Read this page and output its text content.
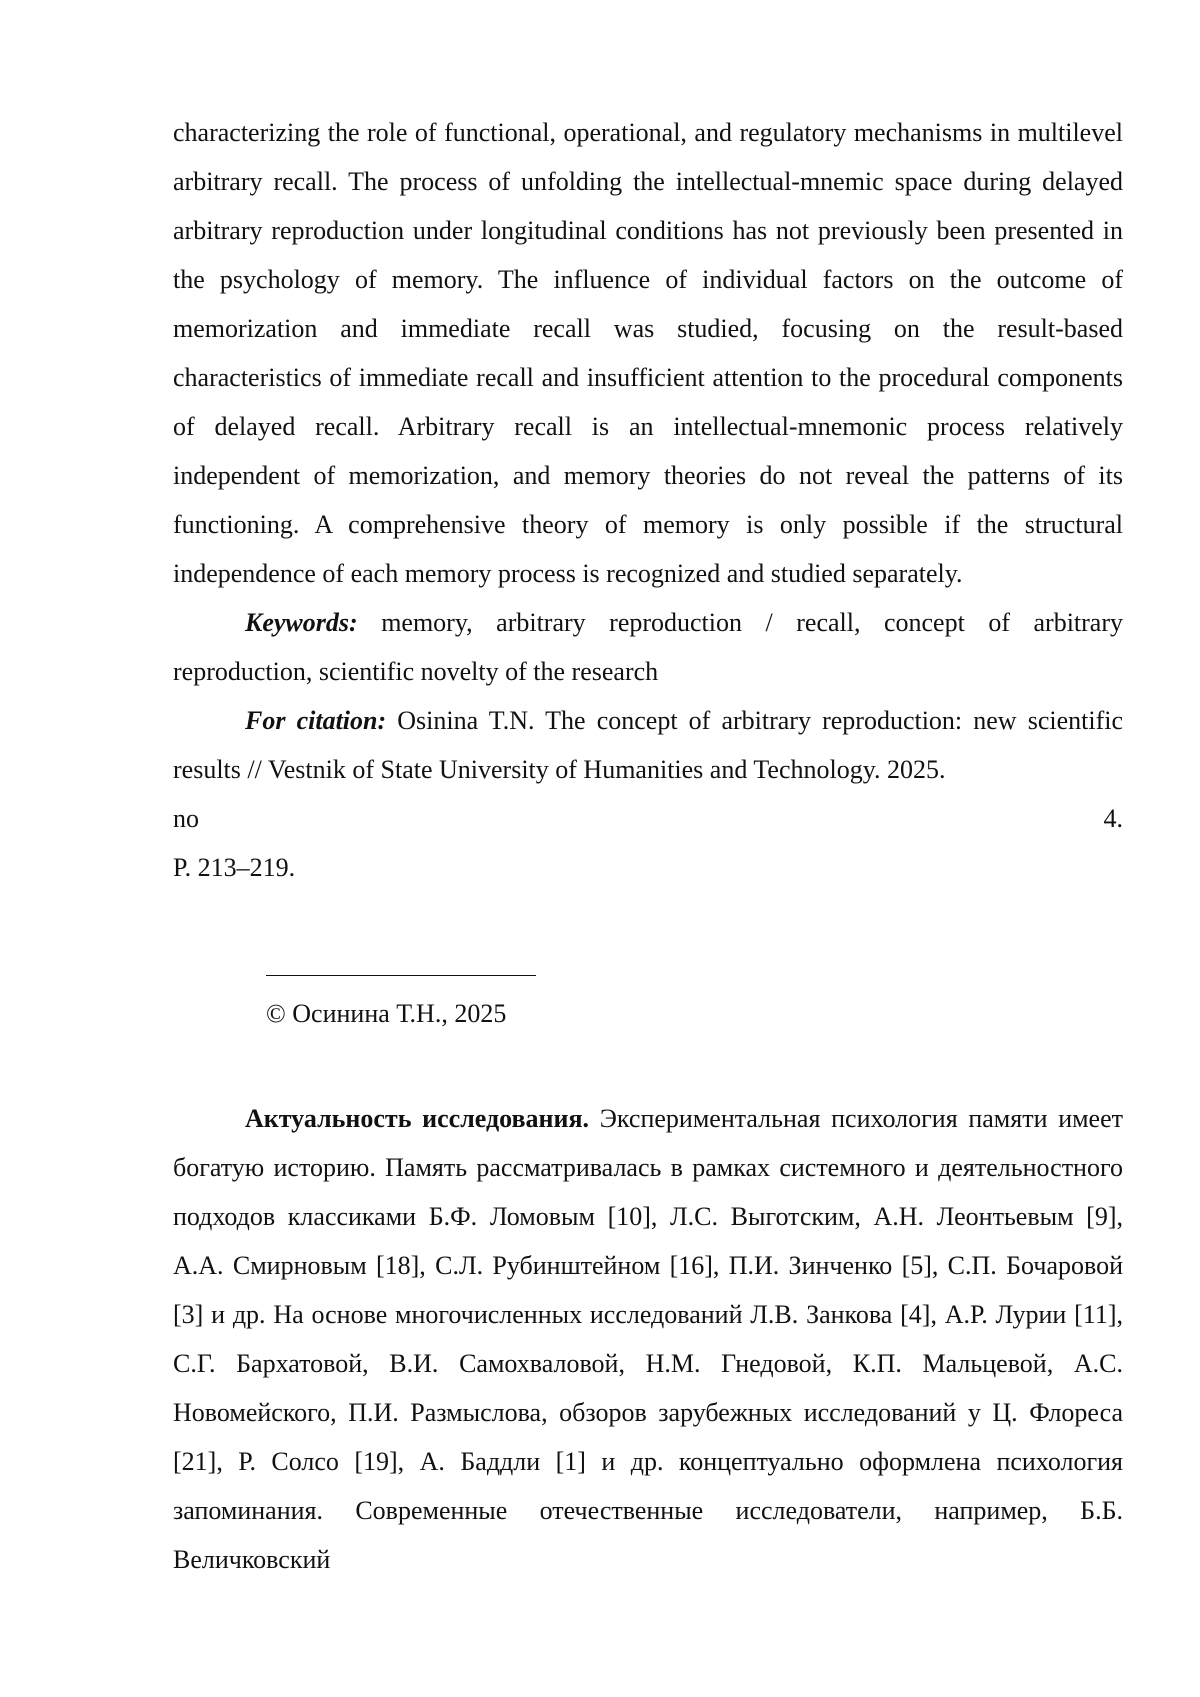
characterizing the role of functional, operational, and regulatory mechanisms in multilevel arbitrary recall. The process of unfolding the intellectual-mnemic space during delayed arbitrary reproduction under longitudinal conditions has not previously been presented in the psychology of memory. The influence of individual factors on the outcome of memorization and immediate recall was studied, focusing on the result-based characteristics of immediate recall and insufficient attention to the procedural components of delayed recall. Arbitrary recall is an intellectual-mnemonic process relatively independent of memorization, and memory theories do not reveal the patterns of its functioning. A comprehensive theory of memory is only possible if the structural independence of each memory process is recognized and studied separately.

Keywords: memory, arbitrary reproduction / recall, concept of arbitrary reproduction, scientific novelty of the research

For citation: Osinina T.N. The concept of arbitrary reproduction: new scientific results // Vestnik of State University of Humanities and Technology. 2025.

no	4.
P. 213–219.
© Осинина Т.Н., 2025

Актуальность исследования. Экспериментальная психология памяти имеет богатую историю. Память рассматривалась в рамках системного и деятельностного подходов классиками Б.Ф. Ломовым [10], Л.С. Выготским, А.Н. Леонтьевым [9], А.А. Смирновым [18], С.Л. Рубинштейном [16], П.И. Зинченко [5], С.П. Бочаровой [3] и др. На основе многочисленных исследований Л.В. Занкова [4], А.Р. Лурии [11], С.Г. Бархатовой, В.И. Самохваловой, Н.М. Гнедовой, К.П. Мальцевой, А.С. Новомейского, П.И. Размыслова, обзоров зарубежных исследований у Ц. Флореса [21], Р. Солсо [19], А. Баддли [1] и др. концептуально оформлена психология запоминания. Современные отечественные исследователи, например, Б.Б. Величковский
